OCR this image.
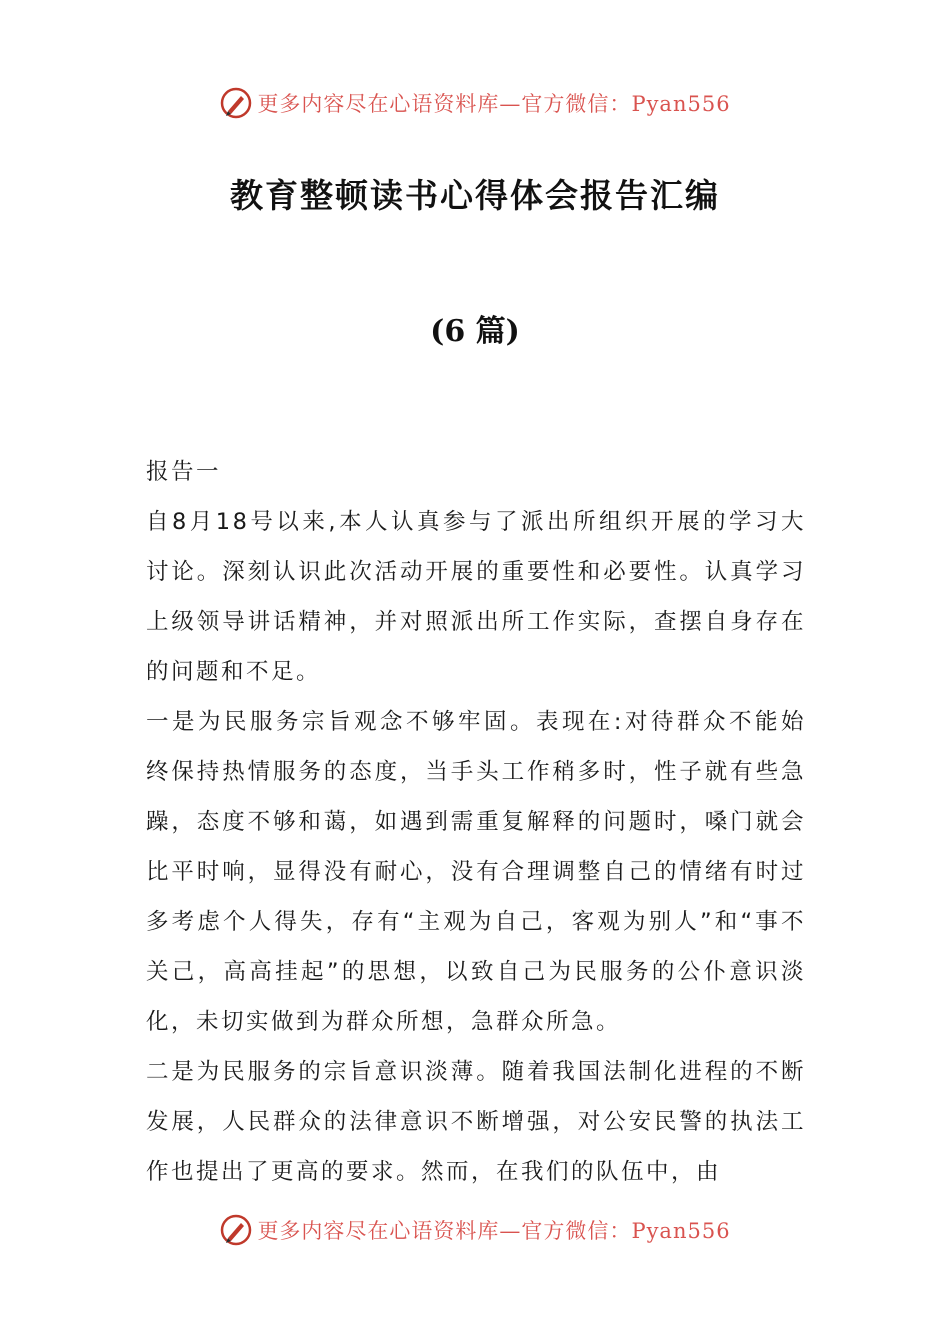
更多内容尽在心语资料库—官方微信：Pyan556
教育整顿读书心得体会报告汇编
(6 篇)

报告一

自8月18号以来,本人认真参与了派出所组织开展的学习大讨论。深刻认识此次活动开展的重要性和必要性。认真学习上级领导讲话精神，并对照派出所工作实际，查摆自身存在的问题和不足。

一是为民服务宗旨观念不够牢固。表现在:对待群众不能始终保持热情服务的态度，当手头工作稍多时，性子就有些急躁，态度不够和蔼，如遇到需重复解释的问题时，嗓门就会比平时响，显得没有耐心，没有合理调整自己的情绪有时过多考虑个人得失，存有“主观为自己，客观为别人”和“事不关己，高高挂起”的思想，以致自己为民服务的公仆意识淡化，未切实做到为群众所想，急群众所急。

二是为民服务的宗旨意识淡薄。随着我国法制化进程的不断发展，人民群众的法律意识不断增强，对公安民警的执法工作也提出了更高的要求。然而，在我们的队伍中，由

更多内容尽在心语资料库—官方微信：Pyan556
